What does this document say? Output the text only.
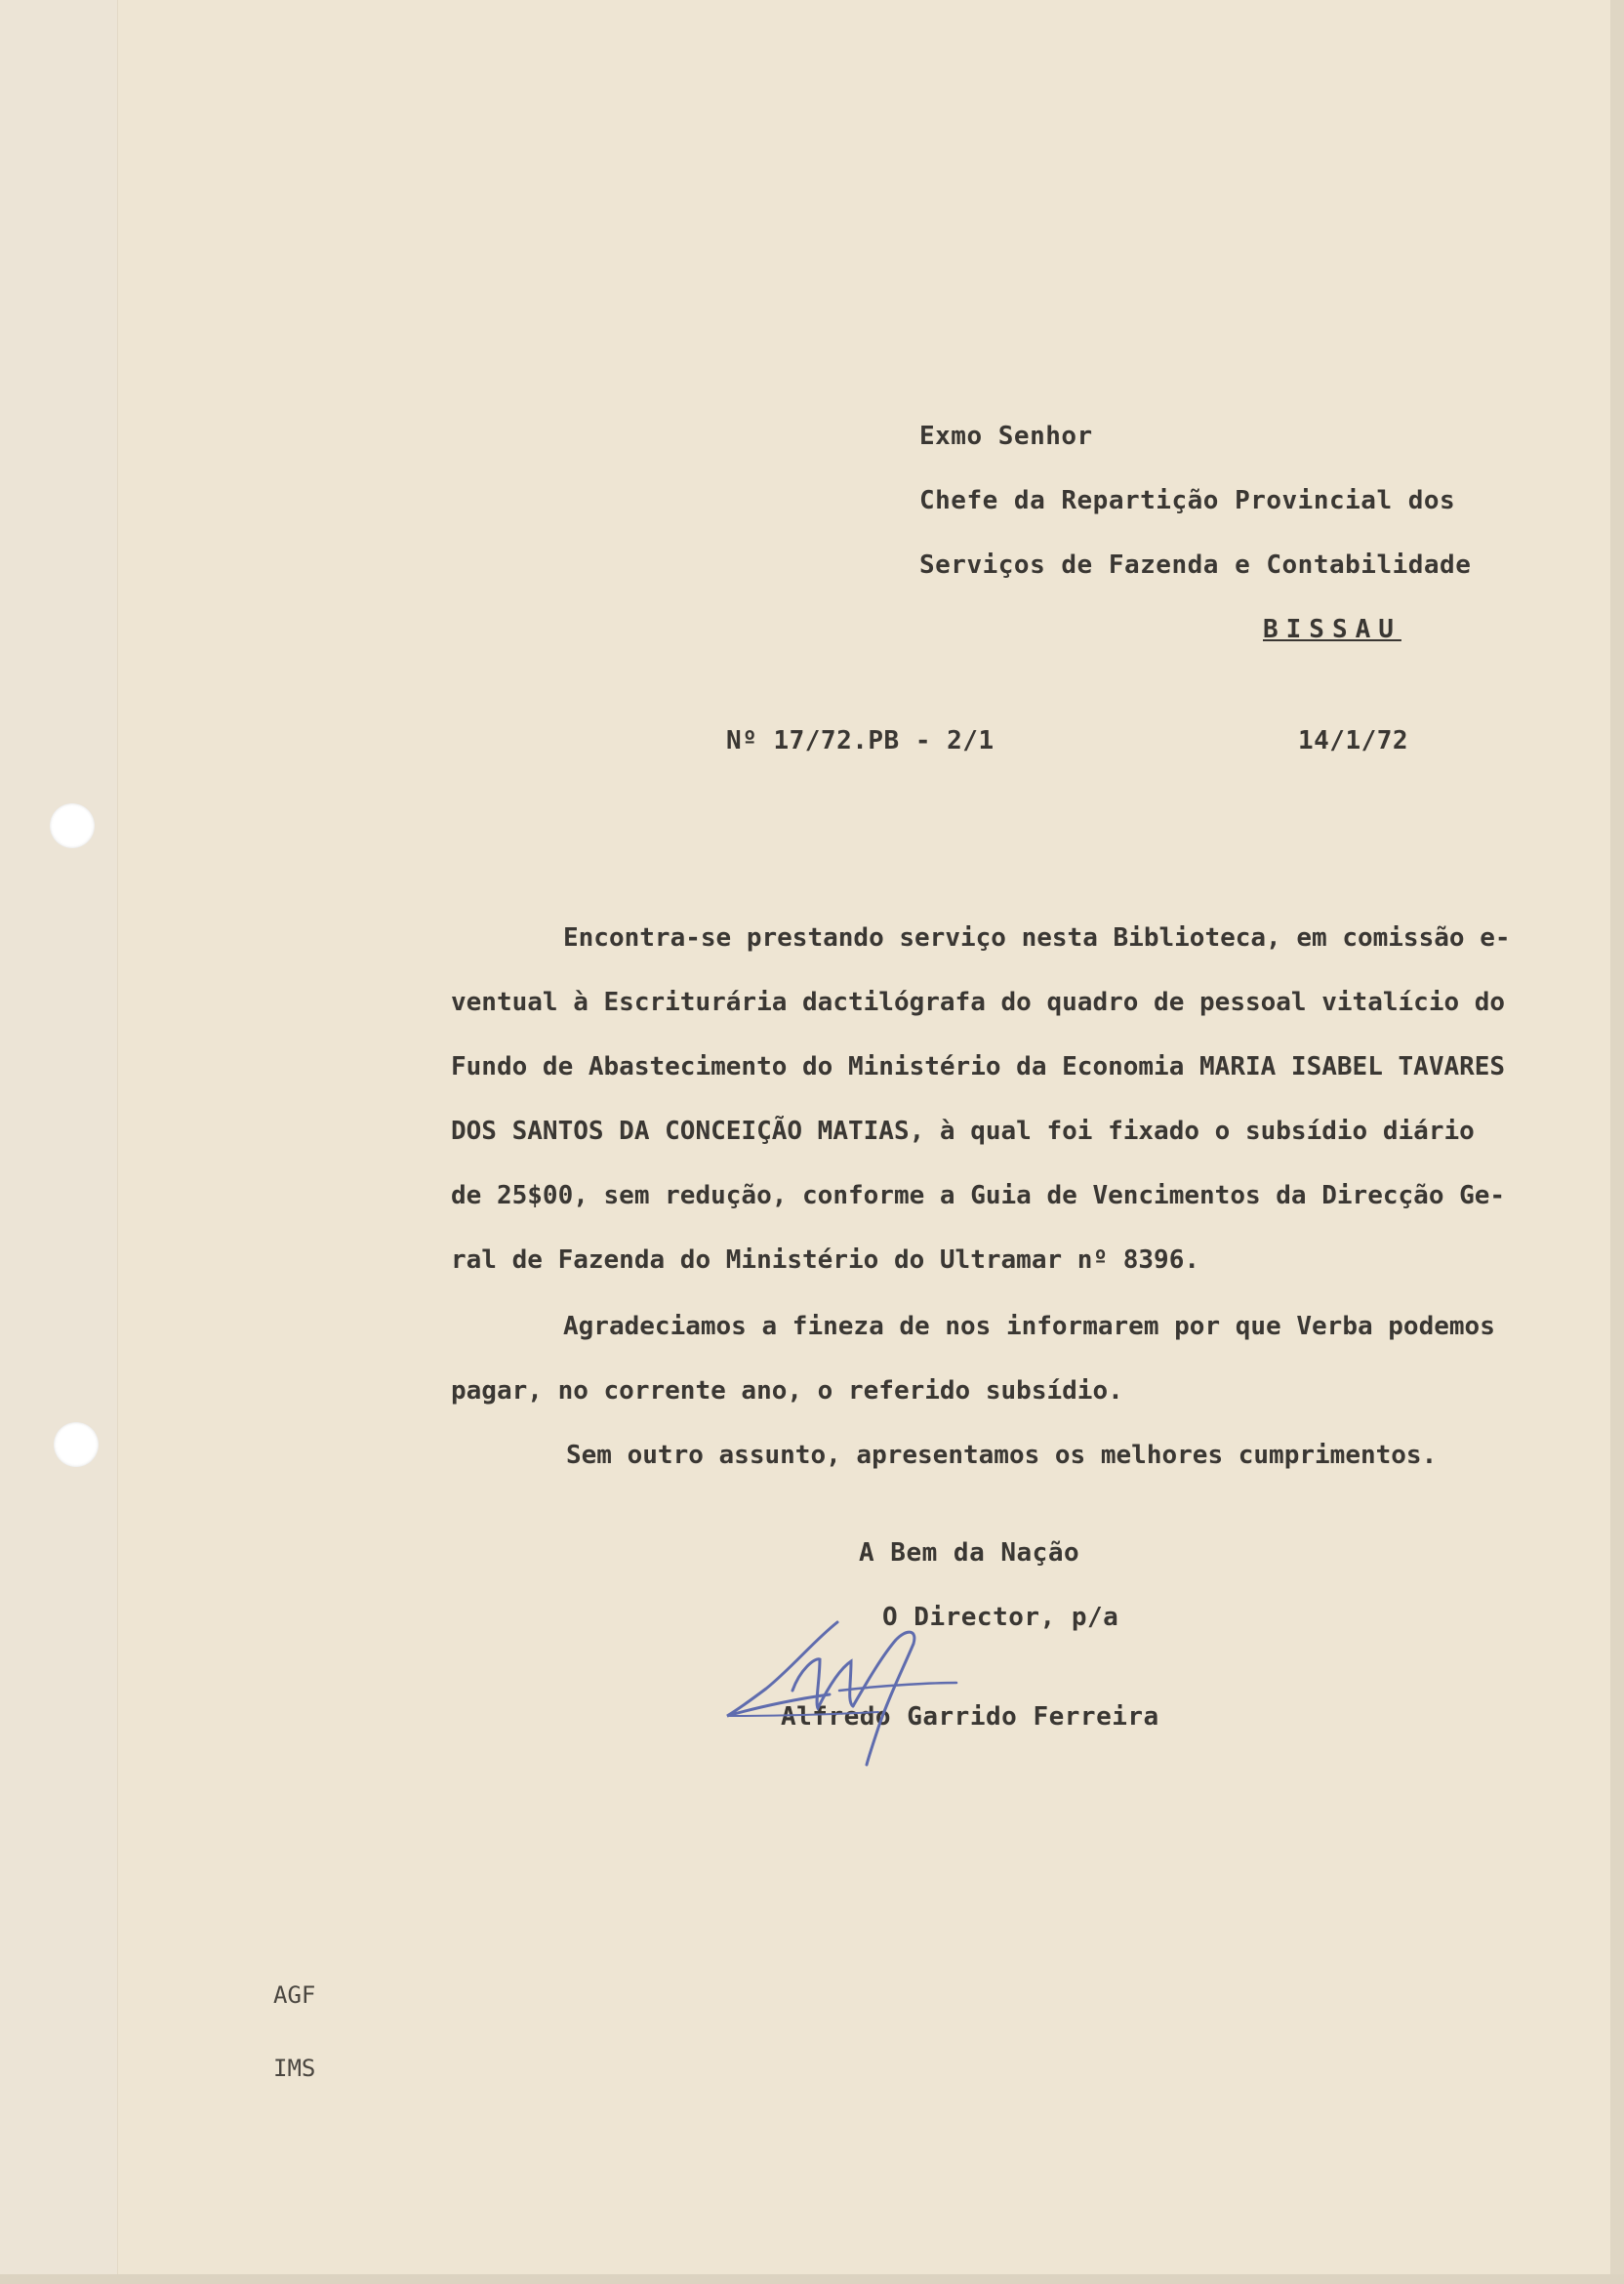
Exmo Senhor
Chefe da Repartição Provincial dos
Serviços de Fazenda e Contabilidade
BISSAU
Nº 17/72.PB - 2/1	14/1/72
Encontra-se prestando serviço nesta Biblioteca, em comissão e-
ventual à Escriturária dactilógrafa do quadro de pessoal vitalício do
Fundo de Abastecimento do Ministério da Economia MARIA ISABEL TAVARES
DOS SANTOS DA CONCEIÇÃO MATIAS, à qual foi fixado o subsídio diário
de 25$00, sem redução, conforme a Guia de Vencimentos da Direcção Ge-
ral de Fazenda do Ministério do Ultramar nº 8396.
Agradeciamos a fineza de nos informarem por que Verba podemos
pagar, no corrente ano, o referido subsídio.
Sem outro assunto, apresentamos os melhores cumprimentos.
A Bem da Nação
O Director, p/a
Alfredo Garrido Ferreira
AGF
IMS
